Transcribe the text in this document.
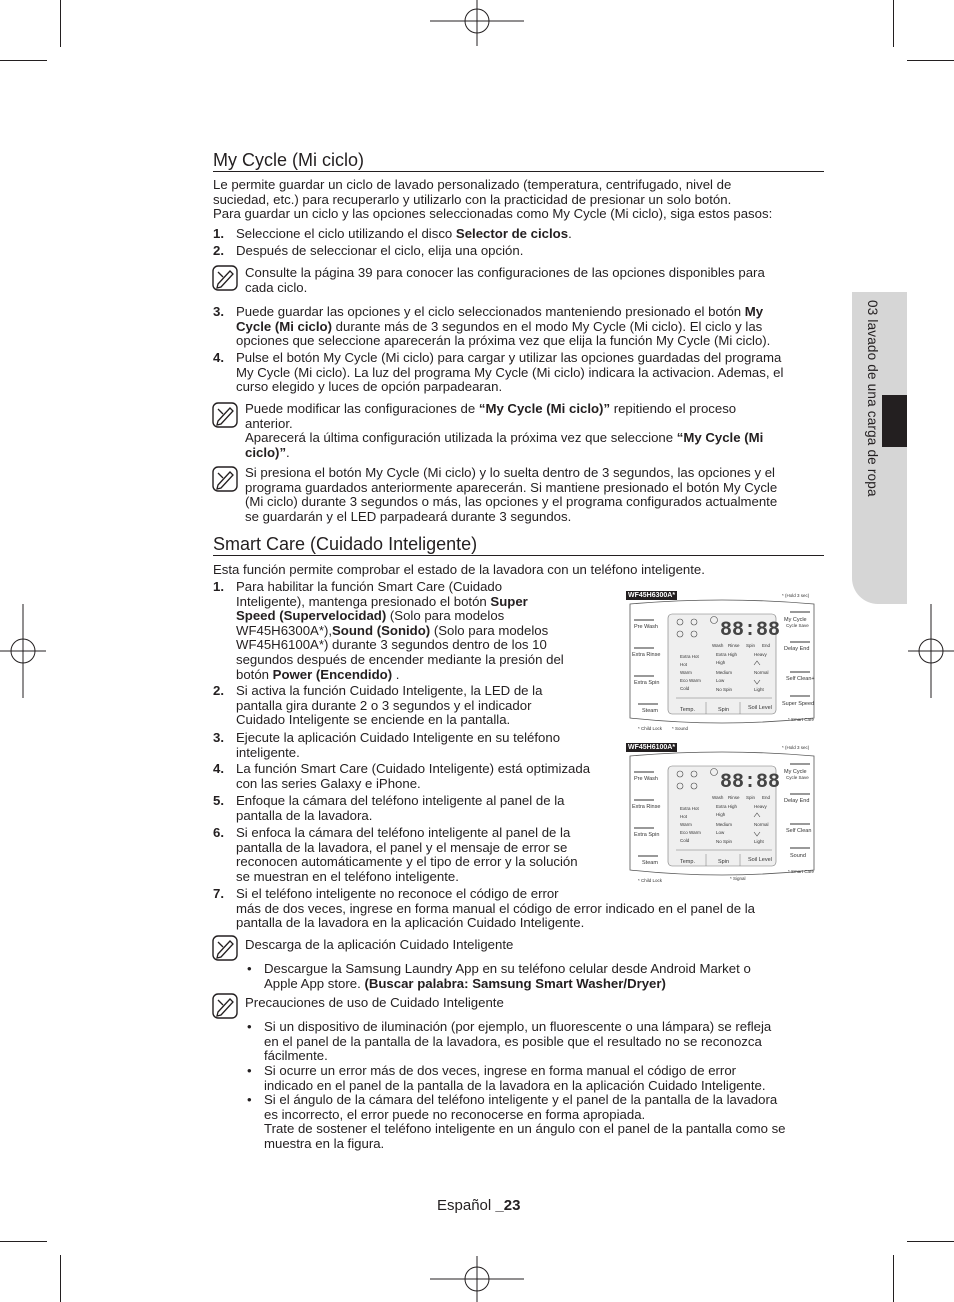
03 lavado de una carga de ropa
My Cycle (Mi ciclo)
Le permite guardar un ciclo de lavado personalizado (temperatura, centrifugado, nivel de
suciedad, etc.) para recuperarlo y utilizarlo con la practicidad de presionar un solo botón.
Para guardar un ciclo y las opciones seleccionadas como My Cycle (Mi ciclo), siga estos pasos:
1. Seleccione el ciclo utilizando el disco Selector de ciclos.
2. Después de seleccionar el ciclo, elija una opción.
Consulte la página 39 para conocer las configuraciones de las opciones disponibles para
cada ciclo.
3. Puede guardar las opciones y el ciclo seleccionados manteniendo presionado el botón My
Cycle (Mi ciclo) durante más de 3 segundos en el modo My Cycle (Mi ciclo). El ciclo y las
opciones que seleccione aparecerán la próxima vez que elija la función My Cycle (Mi ciclo).
4. Pulse el botón My Cycle (Mi ciclo) para cargar y utilizar las opciones guardadas del programa
My Cycle (Mi ciclo). La luz del programa My Cycle (Mi ciclo) indicara la activacion. Ademas, el
curso elegido y luces de opción parpadearan.
Puede modificar las configuraciones de “My Cycle (Mi ciclo)” repitiendo el proceso
anterior.
Aparecerá la última configuración utilizada la próxima vez que seleccione “My Cycle (Mi
ciclo)”.
Si presiona el botón My Cycle (Mi ciclo) y lo suelta dentro de 3 segundos, las opciones y el
programa guardados anteriormente aparecerán. Si mantiene presionado el botón My Cycle
(Mi ciclo) durante 3 segundos o más, las opciones y el programa configurados actualmente
se guardarán y el LED parpadeará durante 3 segundos.
Smart Care (Cuidado Inteligente)
Esta función permite comprobar el estado de la lavadora con un teléfono inteligente.
1. Para habilitar la función Smart Care (Cuidado
Inteligente), mantenga presionado el botón Super
Speed (Supervelocidad) (Solo para modelos
WF45H6300A*),Sound (Sonido) (Solo para modelos
WF45H6100A*) durante 3 segundos dentro de los 10
segundos después de encender mediante la presión del
botón Power (Encendido) .
2. Si activa la función Cuidado Inteligente, la LED de la
pantalla gira durante 2 o 3 segundos y el indicador
Cuidado Inteligente se enciende en la pantalla.
3. Ejecute la aplicación Cuidado Inteligente en su teléfono
inteligente.
4. La función Smart Care (Cuidado Inteligente) está optimizada
con las series Galaxy e iPhone.
5. Enfoque la cámara del teléfono inteligente al panel de la
pantalla de la lavadora.
6. Si enfoca la cámara del teléfono inteligente al panel de la
pantalla de la lavadora, el panel y el mensaje de error se
reconocen automáticamente y el tipo de error y la solución
se muestran en el teléfono inteligente.
7. Si el teléfono inteligente no reconoce el código de error
más de dos veces, ingrese en forma manual el código de error indicado en el panel de la
pantalla de la lavadora en la aplicación Cuidado Inteligente.
Descarga de la aplicación Cuidado Inteligente
• Descargue la Samsung Laundry App en su teléfono celular desde Android Market o
Apple App store. (Buscar palabra: Samsung Smart Washer/Dryer)
Precauciones de uso de Cuidado Inteligente
• Si un dispositivo de iluminación (por ejemplo, un fluorescente o una lámpara) se refleja
en el panel de la pantalla de la lavadora, es posible que el resultado no se reconozca
fácilmente.
• Si ocurre un error más de dos veces, ingrese en forma manual el código de error
indicado en el panel de la pantalla de la lavadora en la aplicación Cuidado Inteligente.
• Si el ángulo de la cámara del teléfono inteligente y el panel de la pantalla de la lavadora
es incorrecto, el error puede no reconocerse en forma apropiada.
Trate de sostener el teléfono inteligente en un ángulo con el panel de la pantalla como se
muestra en la figura.
WF45H6300A*	* (Hold 3 sec)
Pre Wash
Extra Rinse
Extra Spin
Steam
My Cycle
Cycle Save
Delay End
Self Clean+
Super Speed
88:88
Wash Rinse Spin End
Extra Hot
Hot
Warm
Eco Warm
Cold
Extra High
High
Medium
Low
No Spin
Heavy
Normal
Light
Temp.	Spin	Soil Level
* Child Lock * Sound
* Smart Care
WF45H6100A*	* (Hold 3 sec)
Pre Wash
Extra Rinse
Extra Spin
Steam
My Cycle
Cycle Save
Delay End
Self Clean
Sound
88:88
Wash Rinse Spin End
Extra Hot
Hot
Warm
Eco Warm
Cold
Extra High
High
Medium
Low
No Spin
Heavy
Normal
Light
Temp.	Spin	Soil Level
* Child Lock	* Signal
* Smart Care
Español _23
